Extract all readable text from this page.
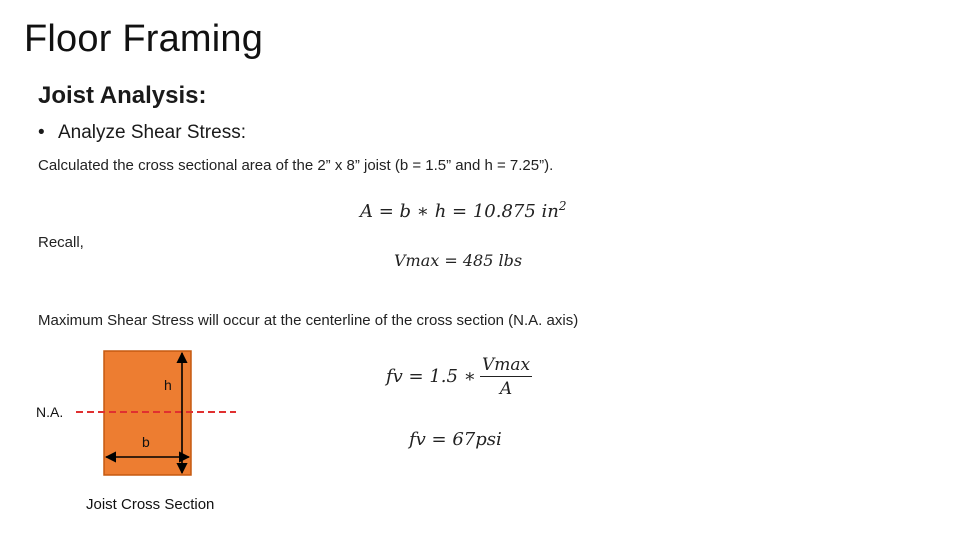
Floor Framing
Joist Analysis:
• Analyze Shear Stress:
Calculated the cross sectional area of the 2” x 8” joist (b = 1.5” and h = 7.25”).
A = b ∗ h = 10.875 $in^2$
Recall,
Vmax = 485 lbs
Maximum Shear Stress will occur at the centerline of the cross section (N.A. axis)
fv = 1.5 ∗ $\frac{Vmax}{A}$
fv = 67psi
h
b
N.A.
Joist Cross Section
